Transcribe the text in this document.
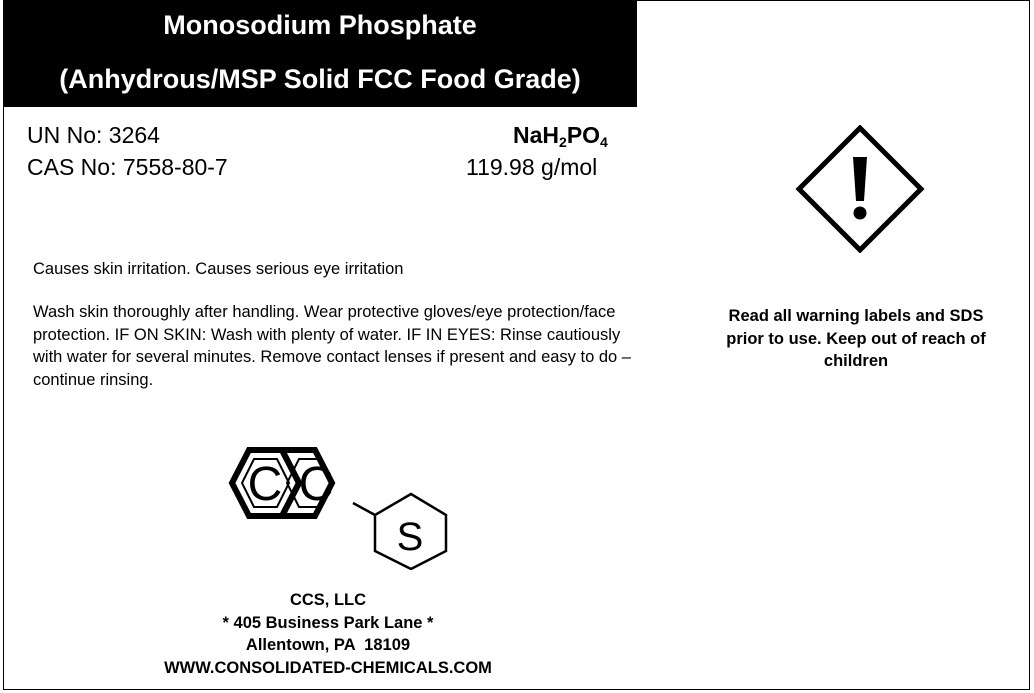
Monosodium Phosphate
(Anhydrous/MSP Solid FCC Food Grade)
UN No: 3264
CAS No: 7558-80-7
$NaH_2PO_4$
119.98 g/mol
Causes skin irritation. Causes serious eye irritation
Wash skin thoroughly after handling. Wear protective gloves/eye protection/face protection. IF ON SKIN: Wash with plenty of water. IF IN EYES: Rinse cautiously with water for several minutes. Remove contact lenses if present and easy to do – continue rinsing.
Read all warning labels and SDS prior to use. Keep out of reach of children
C C
S
CCS, LLC
* 405 Business Park Lane *
Allentown, PA  18109
WWW.CONSOLIDATED-CHEMICALS.COM
